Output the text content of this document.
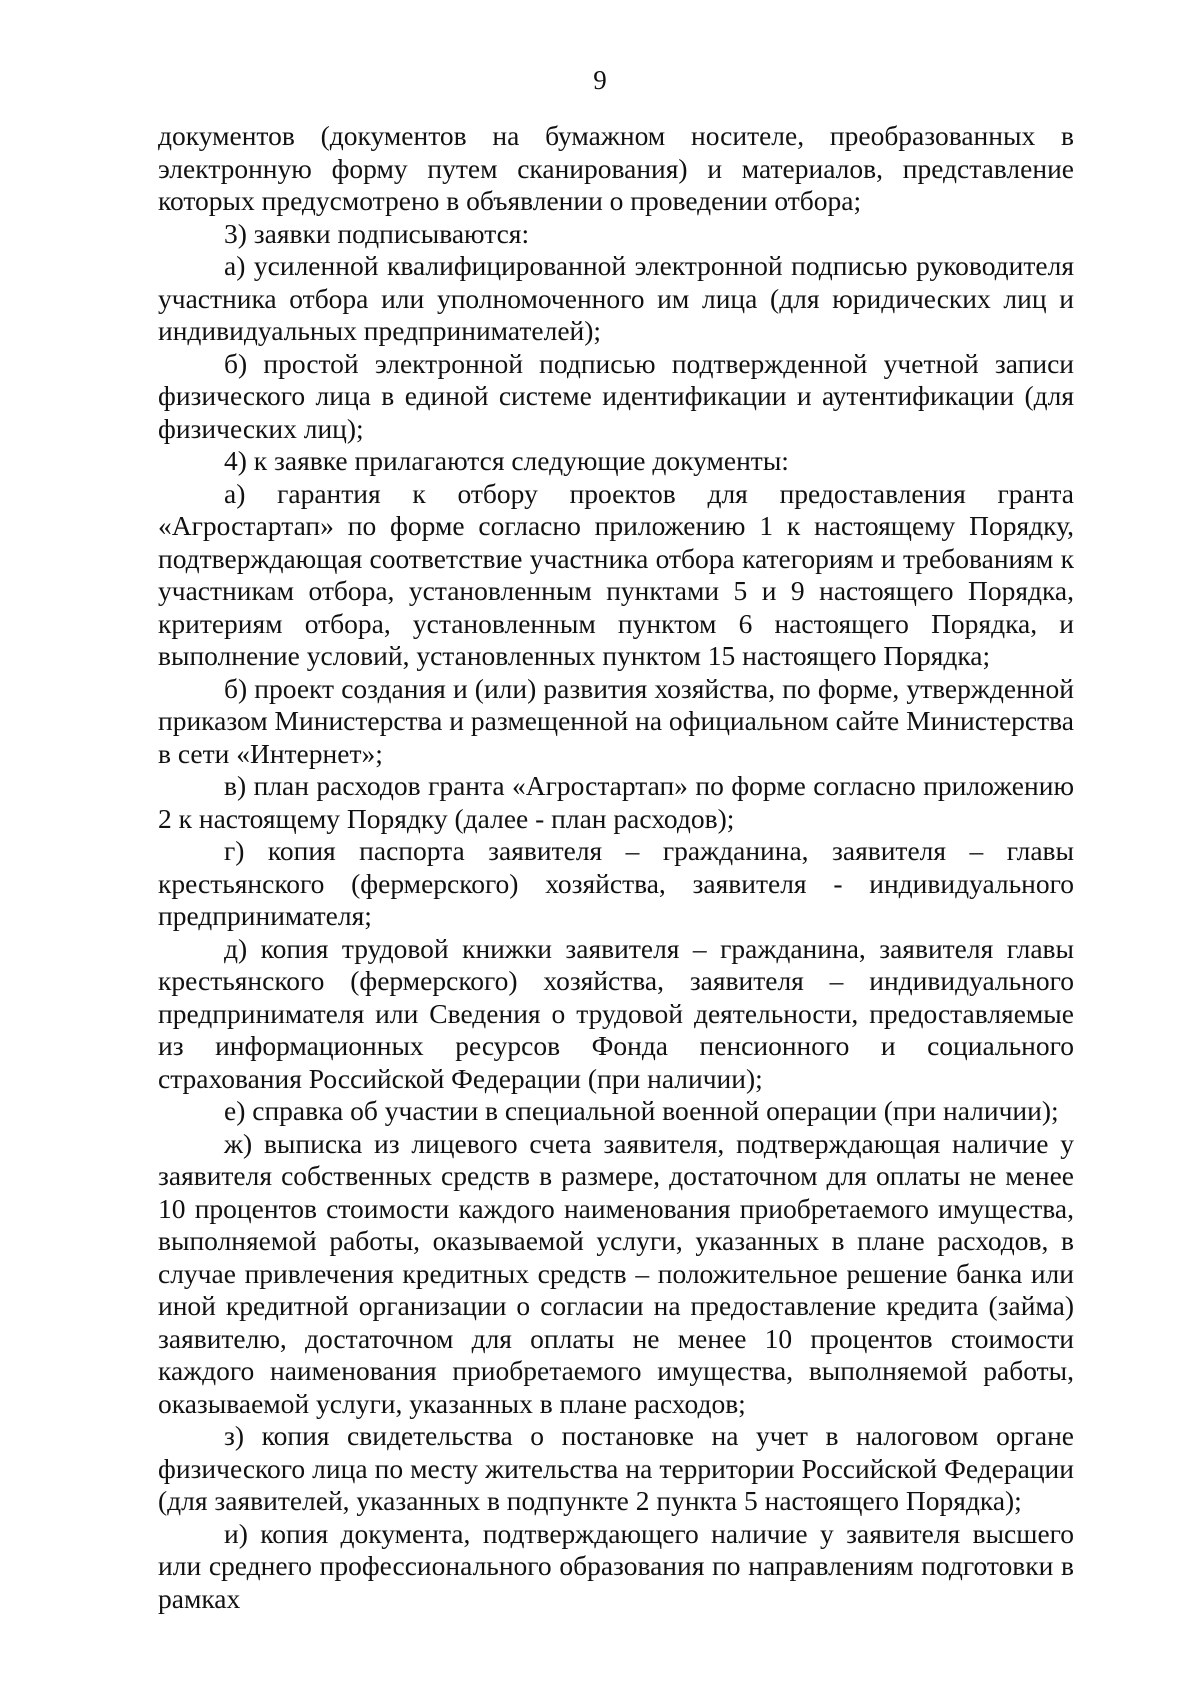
9

документов (документов на бумажном носителе, преобразованных в электронную форму путем сканирования) и материалов, представление которых предусмотрено в объявлении о проведении отбора;

3) заявки подписываются:

а) усиленной квалифицированной электронной подписью руководителя участника отбора или уполномоченного им лица (для юридических лиц и индивидуальных предпринимателей);

б) простой электронной подписью подтвержденной учетной записи физического лица в единой системе идентификации и аутентификации (для физических лиц);

4) к заявке прилагаются следующие документы:

а) гарантия к отбору проектов для предоставления гранта «Агростартап» по форме согласно приложению 1 к настоящему Порядку, подтверждающая соответствие участника отбора категориям и требованиям к участникам отбора, установленным пунктами 5 и 9 настоящего Порядка, критериям отбора, установленным пунктом 6 настоящего Порядка, и выполнение условий, установленных пунктом 15 настоящего Порядка;

б) проект создания и (или) развития хозяйства, по форме, утвержденной приказом Министерства и размещенной на официальном сайте Министерства в сети «Интернет»;

в) план расходов гранта «Агростартап» по форме согласно приложению 2 к настоящему Порядку (далее - план расходов);

г) копия паспорта заявителя – гражданина, заявителя – главы крестьянского (фермерского) хозяйства, заявителя - индивидуального предпринимателя;

д) копия трудовой книжки заявителя – гражданина, заявителя главы крестьянского (фермерского) хозяйства, заявителя – индивидуального предпринимателя или Сведения о трудовой деятельности, предоставляемые из информационных ресурсов Фонда пенсионного и социального страхования Российской Федерации (при наличии);

е) справка об участии в специальной военной операции (при наличии);

ж) выписка из лицевого счета заявителя, подтверждающая наличие у заявителя собственных средств в размере, достаточном для оплаты не менее 10 процентов стоимости каждого наименования приобретаемого имущества, выполняемой работы, оказываемой услуги, указанных в плане расходов, в случае привлечения кредитных средств – положительное решение банка или иной кредитной организации о согласии на предоставление кредита (займа) заявителю, достаточном для оплаты не менее 10 процентов стоимости каждого наименования приобретаемого имущества, выполняемой работы, оказываемой услуги, указанных в плане расходов;

з) копия свидетельства о постановке на учет в налоговом органе физического лица по месту жительства на территории Российской Федерации (для заявителей, указанных в подпункте 2 пункта 5 настоящего Порядка);

и) копия документа, подтверждающего наличие у заявителя высшего или среднего профессионального образования по направлениям подготовки в рамках
